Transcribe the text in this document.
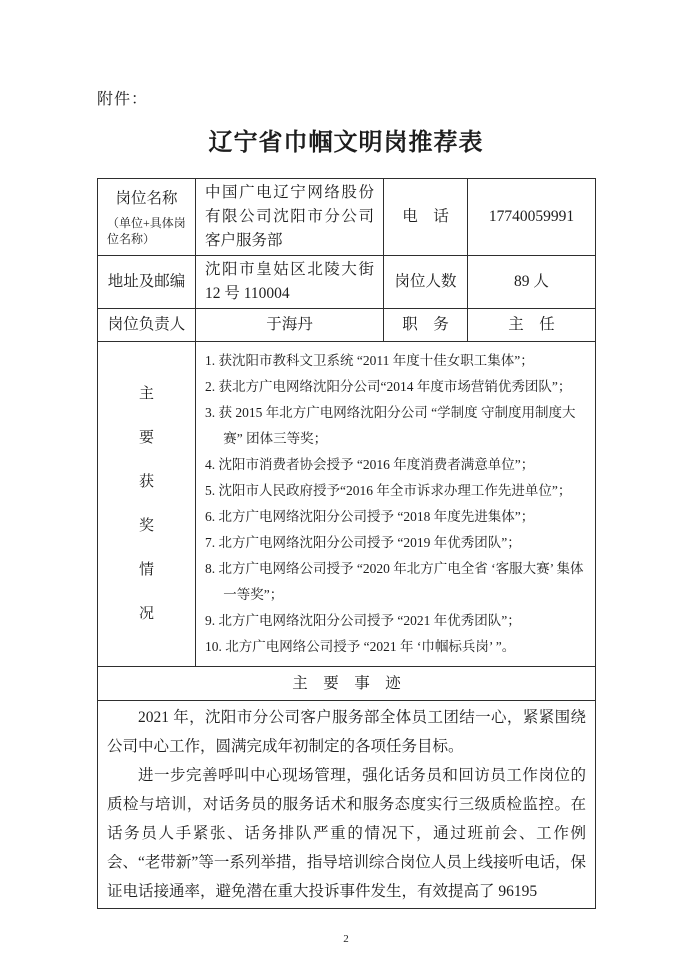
附件：
辽宁省巾帼文明岗推荐表
岗位名称
（单位+具体岗位名称）	中国广电辽宁网络股份有限公司沈阳市分公司客户服务部	电　话	17740059991
地址及邮编	沈阳市皇姑区北陵大街 12 号 110004	岗位人数	89 人
岗位负责人	于海丹	职　务	主　任

主
要
获
奖
情
况

1. 获沈阳市教科文卫系统 “2011 年度十佳女职工集体”；
2. 获北方广电网络沈阳分公司“2014 年度市场营销优秀团队”；
3. 获 2015 年北方广电网络沈阳分公司 “学制度 守制度用制度大赛” 团体三等奖；
4. 沈阳市消费者协会授予 “2016 年度消费者满意单位”；
5. 沈阳市人民政府授予“2016 年全市诉求办理工作先进单位”；
6. 北方广电网络沈阳分公司授予 “2018 年度先进集体”；
7. 北方广电网络沈阳分公司授予 “2019 年优秀团队”；
8. 北方广电网络公司授予 “2020 年北方广电全省 ‘客服大赛’ 集体一等奖”；
9. 北方广电网络沈阳分公司授予 “2021 年优秀团队”；
10. 北方广电网络公司授予 “2021 年 ‘巾帼标兵岗’ ”。

主　要　事　迹			

2021 年，沈阳市分公司客户服务部全体员工团结一心，紧紧围绕公司中心工作，圆满完成年初制定的各项任务目标。
进一步完善呼叫中心现场管理，强化话务员和回访员工作岗位的质检与培训，对话务员的服务话术和服务态度实行三级质检监控。在话务员人手紧张、话务排队严重的情况下，通过班前会、工作例会、“老带新”等一系列举措，指导培训综合岗位人员上线接听电话，保证电话接通率，避免潜在重大投诉事件发生，有效提高了 96195			
2
